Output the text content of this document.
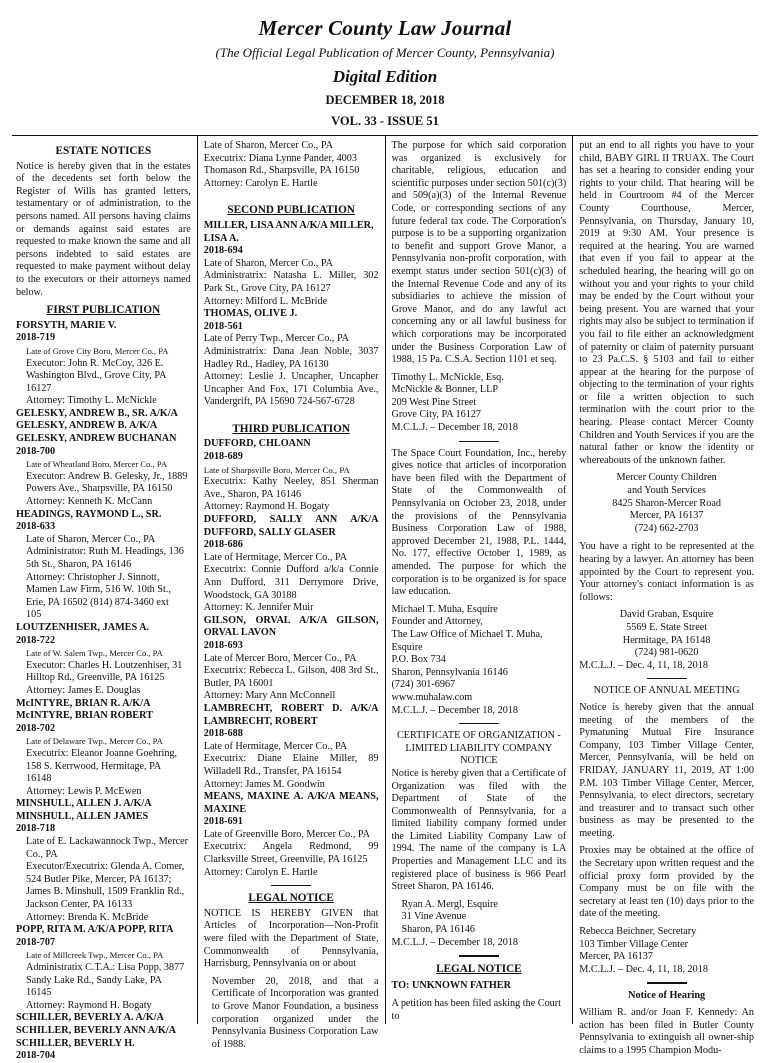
Mercer County Law Journal
(The Official Legal Publication of Mercer County, Pennsylvania)
Digital Edition
DECEMBER 18, 2018
VOL. 33 - ISSUE 51
ESTATE NOTICES

Notice is hereby given that in the estates of the decedents set forth below the Register of Wills has granted letters, testamentary or of administration, to the persons named. All persons having claims or demands against said estates are requested to make known the same and all persons indebted to said estates are requested to make payment without delay to the executors or their attorneys named below.

FIRST PUBLICATION
FORSYTH, MARIE V.
2018-719
Late of Grove City Boro, Mercer Co., PA
Executor: John R. McCoy, 326 E.
Washington Blvd., Grove City, PA
16127
Attorney: Timothy L. McNickle
GELESKY, ANDREW B., SR. A/K/A
GELESKY, ANDREW B. A/K/A
GELESKY, ANDREW BUCHANAN
2018-700
Late of Wheatland Boro, Mercer Co., PA
Executor: Andrew B. Gelesky, Jr., 1889
Powers Ave., Sharpsville, PA 16150
Attorney: Kenneth K. McCann
HEADINGS, RAYMOND L., SR.
2018-633
Late of Sharon, Mercer Co., PA
Administrator: Ruth M. Headings, 136
5th St., Sharon, PA 16146
Attorney: Christopher J. Sinnott,
Mamen Law Firm, 516 W. 10th St.,
Erie, PA 16502 (814) 874-3460 ext
105
LOUTZENHISER, JAMES A.
2018-722
Late of W. Salem Twp., Mercer Co., PA
Executor: Charles H. Loutzenhiser, 31
Hilltop Rd., Greenville, PA 16125
Attorney: James E. Douglas
McINTYRE, BRIAN R. A/K/A
McINTYRE, BRIAN ROBERT
2018-702
Late of Delaware Twp., Mercer Co., PA
Executrix: Eleanor Joanne Goehring,
158 S. Kerrwood, Hermitage, PA
16148
Attorney: Lewis P. McEwen
MINSHULL, ALLEN J. A/K/A
MINSHULL, ALLEN JAMES
2018-718
Late of E. Lackawannock Twp., Mercer
Co., PA
Executor/Executrix: Glenda A. Comer,
524 Butler Pike, Mercer, PA 16137;
James B. Minshull, 1509 Franklin Rd.,
Jackson Center, PA 16133
Attorney: Brenda K. McBride
POPP, RITA M. A/K/A POPP, RITA
2018-707
Late of Millcreek Twp., Mercer Co., PA
Administratix C.T.A.: Lisa Popp, 3877
Sandy Lake Rd., Sandy Lake, PA
16145
Attorney: Raymond H. Bogaty
SCHILLER, BEVERLY A. A/K/A
SCHILLER, BEVERLY ANN A/K/A
SCHILLER, BEVERLY H.
2018-704
Late of Sharon, Mercer Co., PA
Executrix: Diana Lynne Pander, 4003
Thomason Rd., Sharpsville, PA 16150
Attorney: Carolyn E. Hartle
SECOND PUBLICATION
MILLER, LISA ANN A/K/A MILLER, LISA A.
2018-694
Late of Sharon, Mercer Co., PA
Administratrix: Natasha L. Miller, 302 Park St., Grove City, PA 16127
Attorney: Milford L. McBride
THOMAS, OLIVE J.
2018-561
Late of Perry Twp., Mercer Co., PA
Administratrix: Dana Jean Noble, 3037 Hadley Rd., Hadley, PA 16130
Attorney: Leslie J. Uncapher, Uncapher Uncapher And Fox, 171 Columbia Ave., Vandergrift, PA 15690 724-567-6728
THIRD PUBLICATION
DUFFORD, CHLOANN
2018-689
Late of Sharpsville Boro, Mercer Co., PA
Executrix: Kathy Neeley, 851 Sherman Ave., Sharon, PA 16146
Attorney: Raymond H. Bogaty
DUFFORD, SALLY ANN A/K/A DUFFORD, SALLY GLASER
2018-686
Late of Hermitage, Mercer Co., PA
Executrix: Connie Dufford a/k/a Connie Ann Dufford, 311 Derrymore Drive, Woodstock, GA 30188
Attorney: K. Jennifer Muir
GILSON, ORVAL A/K/A GILSON, ORVAL LAVON
2018-693
Late of Mercer Boro, Mercer Co., PA
Executrix: Rebecca L. Gilson, 408 3rd St., Butler, PA 16001
Attorney: Mary Ann McConnell
LAMBRECHT, ROBERT D. A/K/A LAMBRECHT, ROBERT
2018-688
Late of Hermitage, Mercer Co., PA
Executrix: Diane Elaine Miller, 89 Willadell Rd., Transfer, PA 16154
Attorney: James M. Goodwin
MEANS, MAXINE A. A/K/A MEANS, MAXINE
2018-691
Late of Greenville Boro, Mercer Co., PA
Executrix: Angela Redmond, 99 Clarksville Street, Greenville, PA 16125
Attorney: Carolyn E. Hartle
LEGAL NOTICE

NOTICE IS HEREBY GIVEN that Articles of Incorporation—Non-Profit were filed with the Department of State, Commonwealth of Pennsylvania, Harrisburg, Pennsylvania on or about

November 20, 2018, and that a Certificate of Incorporation was granted to Grove Manor Foundation, a business corporation organized under the Pennsylvania Business Corporation Law of 1988.

The purpose for which said corporation was organized is exclusively for charitable, religious, education and scientific purposes under section 501(c)(3) and 509(a)(3) of the Internal Revenue Code, or corresponding sections of any future federal tax code. The Corporation's purpose is to be a supporting organization to benefit and support Grove Manor, a Pennsylvania non-profit corporation, with exempt status under section 501(c)(3) of the Internal Revenue Code and any of its subsidiaries to achieve the mission of Grove Manor, and do any lawful act concerning any or all lawful business for which corporations may be incorporated under the Business Corporation Law of 1988, 15 Pa. C.S.A. Section 1101 et seq.

Timothy L. McNickle, Esq.
McNickle & Bonner, LLP
209 West Pine Street
Grove City, PA 16127
M.C.L.J. – December 18, 2018

The Space Court Foundation, Inc., hereby gives notice that articles of incorporation have been filed with the Department of State of the Commonwealth of Pennsylvania on October 23, 2018, under the provisions of the Pennsylvania Business Corporation Law of 1988, approved December 21, 1988, P.L. 1444, No. 177, effective October 1, 1989, as amended. The purpose for which the corporation is to be organized is for space law education.

Michael T. Muha, Esquire
Founder and Attorney,
The Law Office of Michael T. Muha,
Esquire
P.O. Box 734
Sharon, Pennsylvania 16146
(724) 301-6967
www.muhalaw.com
M.C.L.J. – December 18, 2018
CERTIFICATE OF ORGANIZATION - LIMITED LIABILITY COMPANY NOTICE

Notice is hereby given that a Certificate of Organization was filed with the Department of State of the Commonwealth of Pennsylvania, for a limited liability company formed under the Limited Liability Company Law of 1994. The name of the company is LA Properties and Management LLC and its registered place of business is 966 Pearl Street Sharon, PA 16146.

Ryan A. Mergl, Esquire
31 Vine Avenue
Sharon, PA 16146
M.C.L.J. – December 18, 2018
LEGAL NOTICE
TO: UNKNOWN FATHER
A petition has been filed asking the Court to

put an end to all rights you have to your child, BABY GIRL II TRUAX. The Court has set a hearing to consider ending your rights to your child. That hearing will be held in Courtroom #4 of the Mercer County Courthouse, Mercer, Pennsylvania, on Thursday, January 10, 2019 at 9:30 AM. Your presence is required at the hearing. You are warned that even if you fail to appear at the scheduled hearing, the hearing will go on without you and your rights to your child may be ended by the Court without your being present. You are warned that your rights may also be subject to termination if you fail to file either an acknowledgment of paternity or claim of paternity pursuant to 23 Pa.C.S. § 5103 and fail to either appear at the hearing for the purpose of objecting to the termination of your rights or file a written objection to such termination with the court prior to the hearing. Please contact Mercer County Children and Youth Services if you are the natural father or know the identity or whereabouts of the unknown father.

Mercer County Children
and Youth Services
8425 Sharon-Mercer Road
Mercer, PA 16137
(724) 662-2703

You have a right to be represented at the hearing by a lawyer. An attorney has been appointed by the Court to represent you. Your attorney's contact information is as follows:

David Graban, Esquire
5569 E. State Street
Hermitage, PA 16148
(724) 981-0620
M.C.L.J. – Dec. 4, 11, 18, 2018
NOTICE OF ANNUAL MEETING

Notice is hereby given that the annual meeting of the members of the Pymatuning Mutual Fire Insurance Company, 103 Timber Village Center, Mercer, Pennsylvania, will be held on FRIDAY, JANUARY 11, 2019, AT 1:00 P.M. 103 Timber Village Center, Mercer, Pennsylvania, to elect directors, secretary and treasurer and to transact such other business as may be presented to the meeting.

Proxies may be obtained at the office of the Secretary upon written request and the official proxy form provided by the Company must be on file with the secretary at least ten (10) days prior to the date of the meeting.

Rebecca Beichner, Secretary
103 Timber Village Center
Mercer, PA 16137
M.C.L.J. – Dec. 4, 11, 18, 2018
Notice of Hearing

William R. and/or Joan F. Kennedy: An action has been filed in Butler County Pennsylvania to extinguish all owner-ship claims to a 1995 Champion Modu-
